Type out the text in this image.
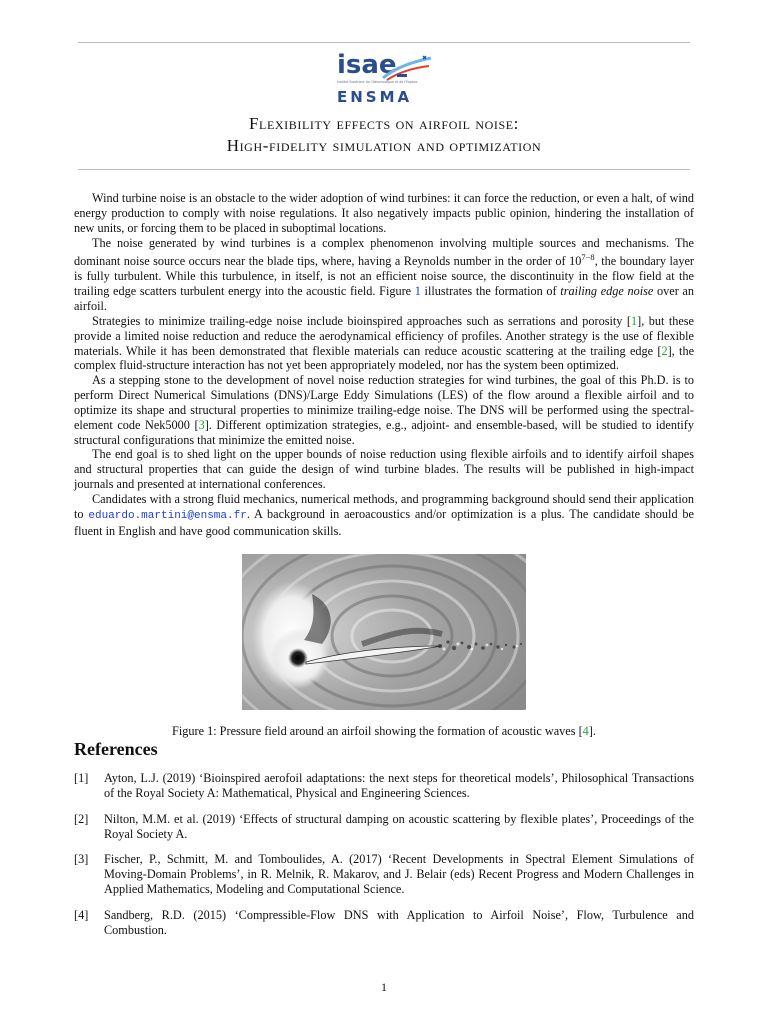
isae
Institut Supérieur de l'Aéronautique et de l'Espace
ENSMA
Flexibility effects on airfoil noise:
High-fidelity simulation and optimization

Wind turbine noise is an obstacle to the wider adoption of wind turbines: it can force the reduction, or even a halt, of wind energy production to comply with noise regulations. It also negatively impacts public opinion, hindering the installation of new units, or forcing them to be placed in suboptimal locations.

The noise generated by wind turbines is a complex phenomenon involving multiple sources and mechanisms. The dominant noise source occurs near the blade tips, where, having a Reynolds number in the order of $10^{7-8}$, the boundary layer is fully turbulent. While this turbulence, in itself, is not an efficient noise source, the discontinuity in the flow field at the trailing edge scatters turbulent energy into the acoustic field. Figure 1 illustrates the formation of trailing edge noise over an airfoil.

Strategies to minimize trailing-edge noise include bioinspired approaches such as serrations and porosity [1], but these provide a limited noise reduction and reduce the aerodynamical efficiency of profiles. Another strategy is the use of flexible materials. While it has been demonstrated that flexible materials can reduce acoustic scattering at the trailing edge [2], the complex fluid-structure interaction has not yet been appropriately modeled, nor has the system been optimized.

As a stepping stone to the development of novel noise reduction strategies for wind turbines, the goal of this Ph.D. is to perform Direct Numerical Simulations (DNS)/Large Eddy Simulations (LES) of the flow around a flexible airfoil and to optimize its shape and structural properties to minimize trailing-edge noise. The DNS will be performed using the spectral-element code Nek5000 [3]. Different optimization strategies, e.g., adjoint- and ensemble-based, will be studied to identify structural configurations that minimize the emitted noise.

The end goal is to shed light on the upper bounds of noise reduction using flexible airfoils and to identify airfoil shapes and structural properties that can guide the design of wind turbine blades. The results will be published in high-impact journals and presented at international conferences.

Candidates with a strong fluid mechanics, numerical methods, and programming background should send their application to eduardo.martini@ensma.fr. A background in aeroacoustics and/or optimization is a plus. The candidate should be fluent in English and have good communication skills.

Figure 1: Pressure field around an airfoil showing the formation of acoustic waves [4].
References
[1] Ayton, L.J. (2019) ‘Bioinspired aerofoil adaptations: the next steps for theoretical models’, Philosophical Transactions of the Royal Society A: Mathematical, Physical and Engineering Sciences.
[2] Nilton, M.M. et al. (2019) ‘Effects of structural damping on acoustic scattering by flexible plates’, Proceedings of the Royal Society A.
[3] Fischer, P., Schmitt, M. and Tomboulides, A. (2017) ‘Recent Developments in Spectral Element Simulations of Moving-Domain Problems’, in R. Melnik, R. Makarov, and J. Belair (eds) Recent Progress and Modern Challenges in Applied Mathematics, Modeling and Computational Science.
[4] Sandberg, R.D. (2015) ‘Compressible-Flow DNS with Application to Airfoil Noise’, Flow, Turbulence and Combustion.
1
